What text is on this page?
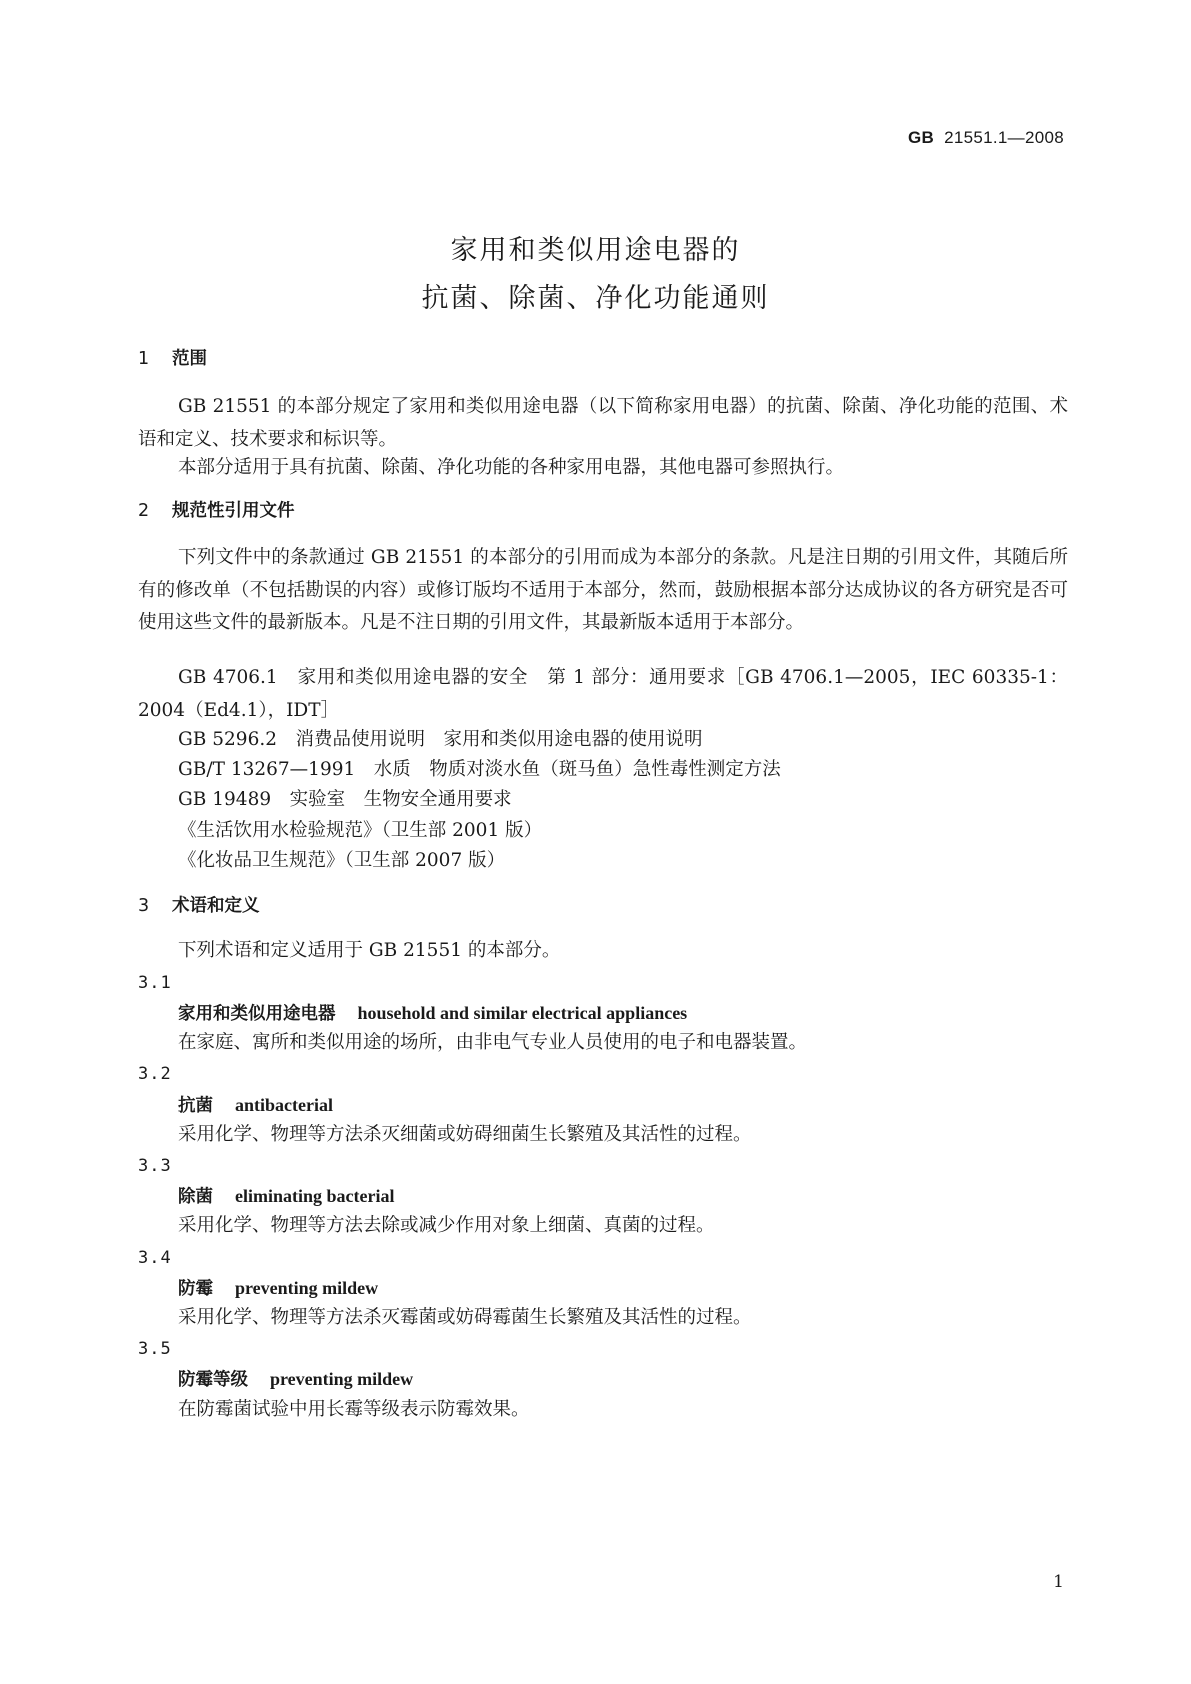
GB 21551.1—2008
家用和类似用途电器的
抗菌、除菌、净化功能通则
1 范围
GB 21551 的本部分规定了家用和类似用途电器（以下简称家用电器）的抗菌、除菌、净化功能的范围、术语和定义、技术要求和标识等。
本部分适用于具有抗菌、除菌、净化功能的各种家用电器，其他电器可参照执行。
2 规范性引用文件
下列文件中的条款通过 GB 21551 的本部分的引用而成为本部分的条款。凡是注日期的引用文件，其随后所有的修改单（不包括勘误的内容）或修订版均不适用于本部分，然而，鼓励根据本部分达成协议的各方研究是否可使用这些文件的最新版本。凡是不注日期的引用文件，其最新版本适用于本部分。
GB 4706.1　家用和类似用途电器的安全　第 1 部分：通用要求［GB 4706.1—2005，IEC 60335-1：2004（Ed4.1），IDT］
GB 5296.2　消费品使用说明　家用和类似用途电器的使用说明
GB/T 13267—1991　水质　物质对淡水鱼（斑马鱼）急性毒性测定方法
GB 19489　实验室　生物安全通用要求
《生活饮用水检验规范》（卫生部 2001 版）
《化妆品卫生规范》（卫生部 2007 版）
3 术语和定义
下列术语和定义适用于 GB 21551 的本部分。
3.1
家用和类似用途电器 household and similar electrical appliances
在家庭、寓所和类似用途的场所，由非电气专业人员使用的电子和电器装置。
3.2
抗菌 antibacterial
采用化学、物理等方法杀灭细菌或妨碍细菌生长繁殖及其活性的过程。
3.3
除菌 eliminating bacterial
采用化学、物理等方法去除或减少作用对象上细菌、真菌的过程。
3.4
防霉 preventing mildew
采用化学、物理等方法杀灭霉菌或妨碍霉菌生长繁殖及其活性的过程。
3.5
防霉等级 preventing mildew
在防霉菌试验中用长霉等级表示防霉效果。
1
